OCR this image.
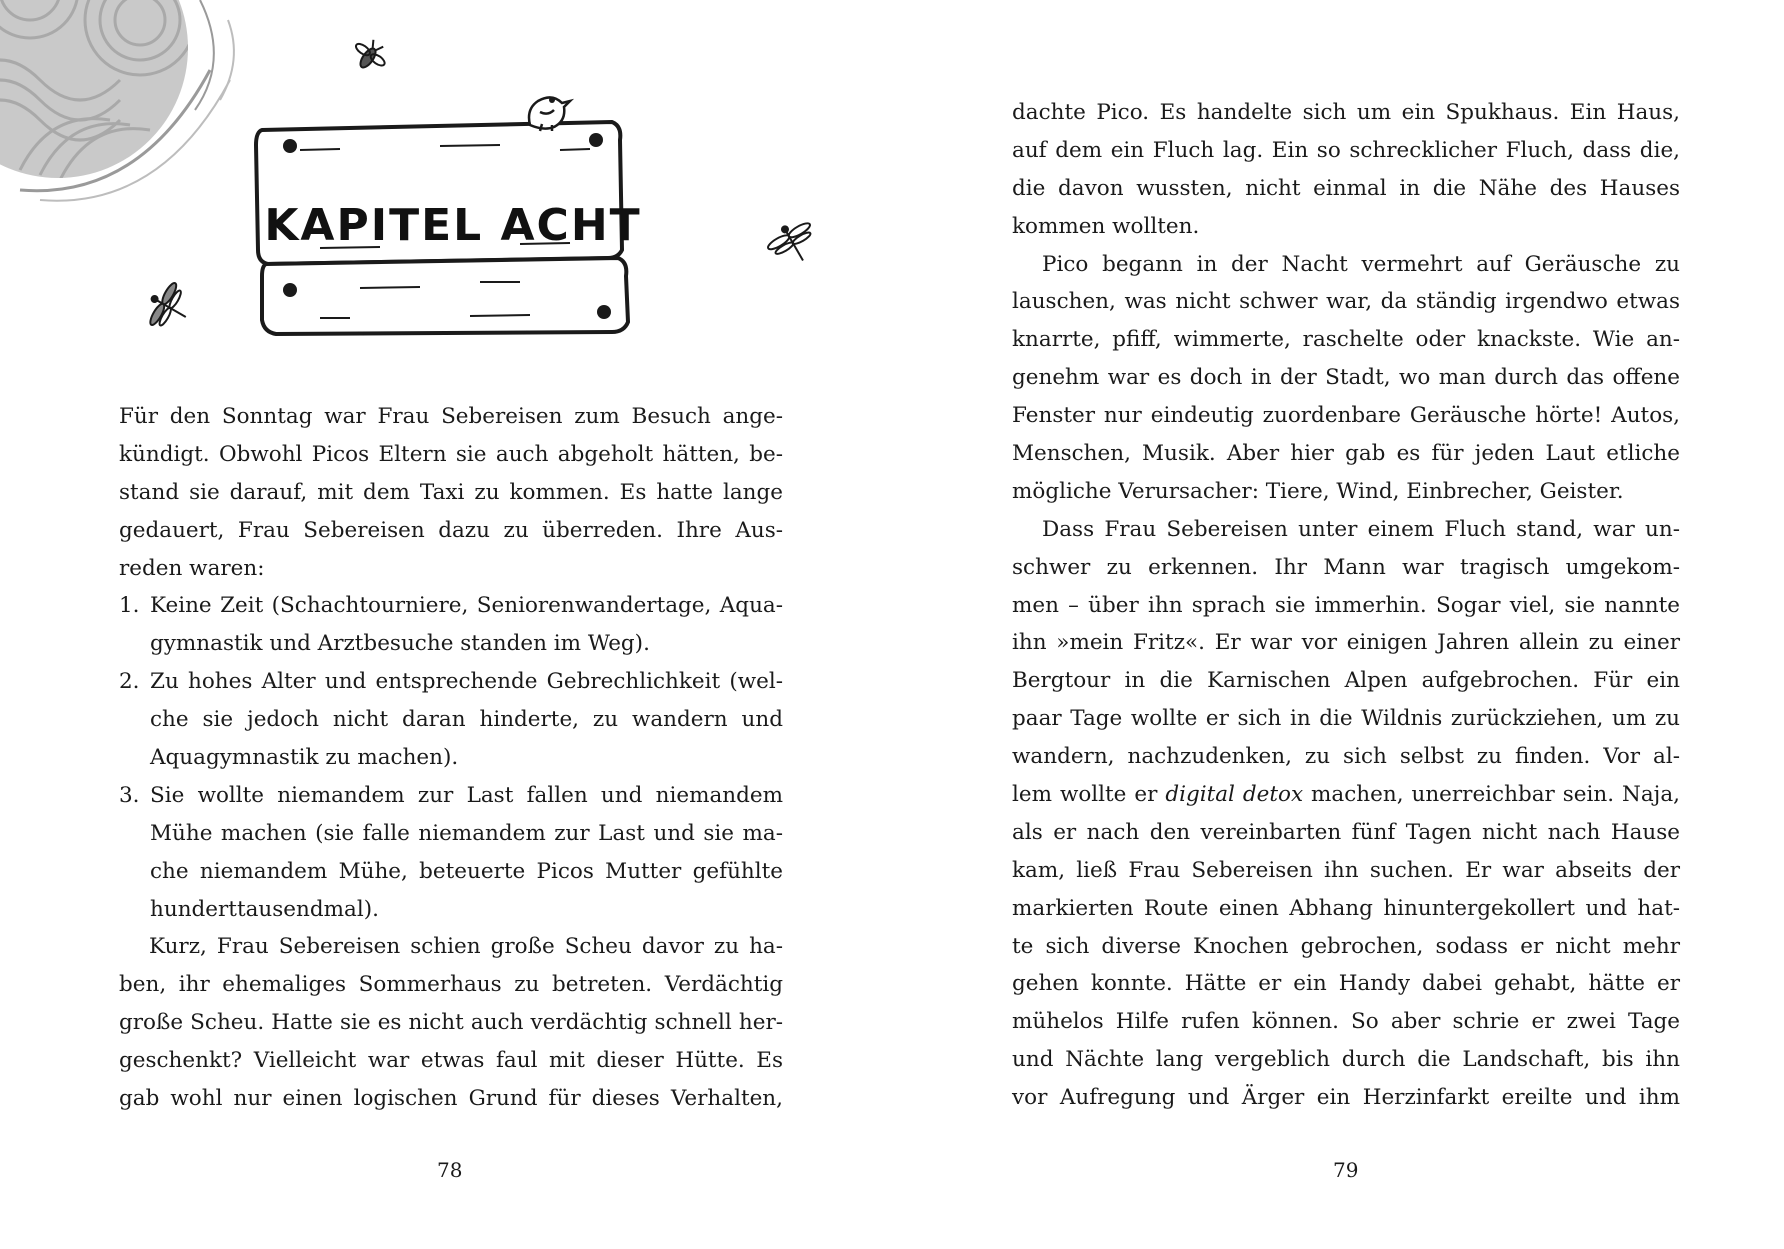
KAPITEL ACHT
Für den Sonntag war Frau Sebereisen zum Besuch ange-
kündigt. Obwohl Picos Eltern sie auch abgeholt hätten, be-
stand sie darauf, mit dem Taxi zu kommen. Es hatte lange
gedauert, Frau Sebereisen dazu zu überreden. Ihre Aus-
reden waren:
1. Keine Zeit (Schachtourniere, Seniorenwandertage, Aqua-
gymnastik und Arztbesuche standen im Weg).
2. Zu hohes Alter und entsprechende Gebrechlichkeit (wel-
che sie jedoch nicht daran hinderte, zu wandern und
Aquagymnastik zu machen).
3. Sie wollte niemandem zur Last fallen und niemandem
Mühe machen (sie falle niemandem zur Last und sie ma-
che niemandem Mühe, beteuerte Picos Mutter gefühlte
hunderttausendmal).
Kurz, Frau Sebereisen schien große Scheu davor zu ha-
ben, ihr ehemaliges Sommerhaus zu betreten. Verdächtig
große Scheu. Hatte sie es nicht auch verdächtig schnell her-
geschenkt? Vielleicht war etwas faul mit dieser Hütte. Es
gab wohl nur einen logischen Grund für dieses Verhalten,
78
dachte Pico. Es handelte sich um ein Spukhaus. Ein Haus,
auf dem ein Fluch lag. Ein so schrecklicher Fluch, dass die,
die davon wussten, nicht einmal in die Nähe des Hauses
kommen wollten.
Pico begann in der Nacht vermehrt auf Geräusche zu
lauschen, was nicht schwer war, da ständig irgendwo etwas
knarrte, pfiff, wimmerte, raschelte oder knackste. Wie an-
genehm war es doch in der Stadt, wo man durch das offene
Fenster nur eindeutig zuordenbare Geräusche hörte! Autos,
Menschen, Musik. Aber hier gab es für jeden Laut etliche
mögliche Verursacher: Tiere, Wind, Einbrecher, Geister.
Dass Frau Sebereisen unter einem Fluch stand, war un-
schwer zu erkennen. Ihr Mann war tragisch umgekom-
men – über ihn sprach sie immerhin. Sogar viel, sie nannte
ihn »mein Fritz«. Er war vor einigen Jahren allein zu einer
Bergtour in die Karnischen Alpen aufgebrochen. Für ein
paar Tage wollte er sich in die Wildnis zurückziehen, um zu
wandern, nachzudenken, zu sich selbst zu finden. Vor al-
lem wollte er digital detox machen, unerreichbar sein. Naja,
als er nach den vereinbarten fünf Tagen nicht nach Hause
kam, ließ Frau Sebereisen ihn suchen. Er war abseits der
markierten Route einen Abhang hinuntergekollert und hat-
te sich diverse Knochen gebrochen, sodass er nicht mehr
gehen konnte. Hätte er ein Handy dabei gehabt, hätte er
mühelos Hilfe rufen können. So aber schrie er zwei Tage
und Nächte lang vergeblich durch die Landschaft, bis ihn
vor Aufregung und Ärger ein Herzinfarkt ereilte und ihm
79
